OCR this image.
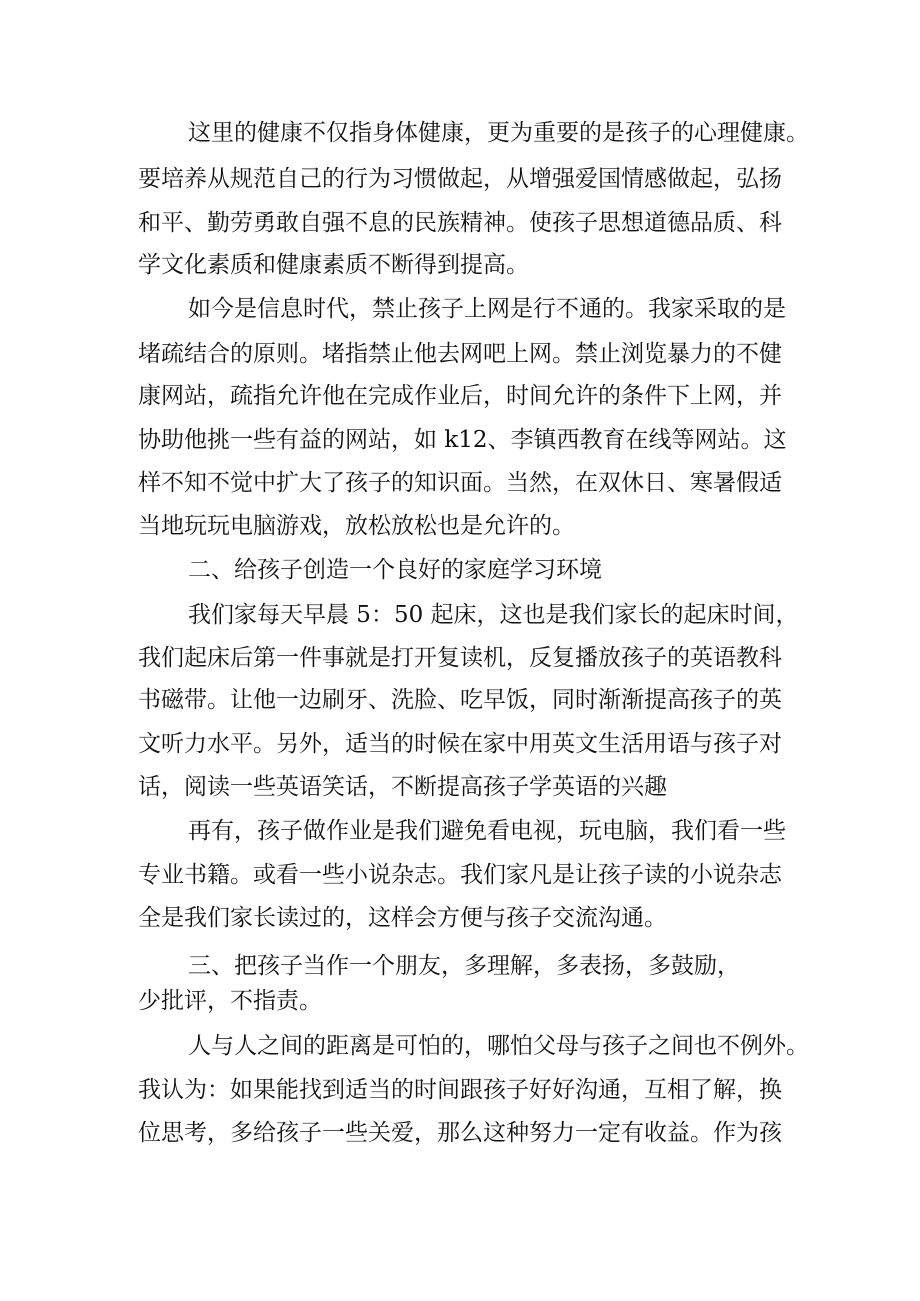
这里的健康不仅指身体健康，更为重要的是孩子的心理健康。

要培养从规范自己的行为习惯做起，从增强爱国情感做起，弘扬

和平、勤劳勇敢自强不息的民族精神。使孩子思想道德品质、科

学文化素质和健康素质不断得到提高。

如今是信息时代，禁止孩子上网是行不通的。我家采取的是

堵疏结合的原则。堵指禁止他去网吧上网。禁止浏览暴力的不健

康网站，疏指允许他在完成作业后，时间允许的条件下上网，并

协助他挑一些有益的网站，如 k12、李镇西教育在线等网站。这

样不知不觉中扩大了孩子的知识面。当然，在双休日、寒暑假适

当地玩玩电脑游戏，放松放松也是允许的。

二、给孩子创造一个良好的家庭学习环境

我们家每天早晨 5：50 起床，这也是我们家长的起床时间，

我们起床后第一件事就是打开复读机，反复播放孩子的英语教科

书磁带。让他一边刷牙、洗脸、吃早饭，同时渐渐提高孩子的英

文听力水平。另外，适当的时候在家中用英文生活用语与孩子对

话，阅读一些英语笑话，不断提高孩子学英语的兴趣

再有，孩子做作业是我们避免看电视，玩电脑，我们看一些

专业书籍。或看一些小说杂志。我们家凡是让孩子读的小说杂志

全是我们家长读过的，这样会方便与孩子交流沟通。

三、把孩子当作一个朋友，多理解，多表扬，多鼓励，

少批评，不指责。

人与人之间的距离是可怕的，哪怕父母与孩子之间也不例外。

我认为：如果能找到适当的时间跟孩子好好沟通，互相了解，换

位思考，多给孩子一些关爱，那么这种努力一定有收益。作为孩
